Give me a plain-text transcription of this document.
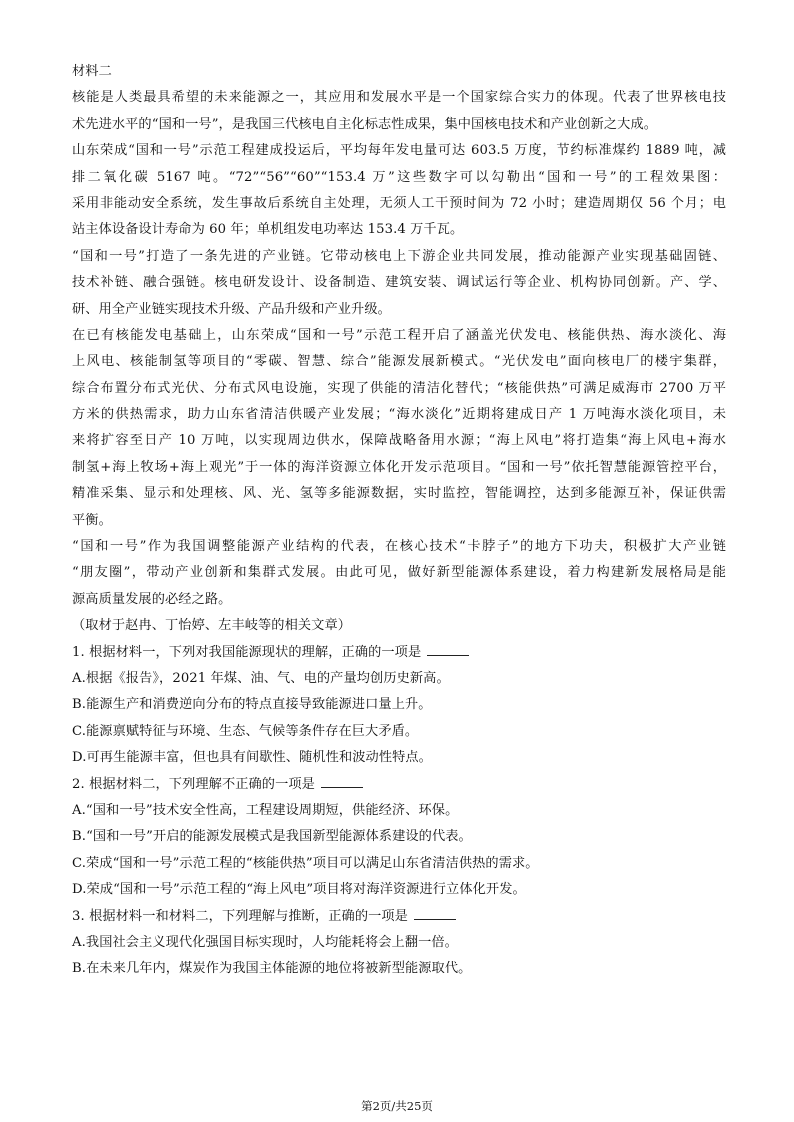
材料二
核能是人类最具希望的未来能源之一，其应用和发展水平是一个国家综合实力的体现。代表了世界核电技
术先进水平的“国和一号”，是我国三代核电自主化标志性成果，集中国核电技术和产业创新之大成。
山东荣成“国和一号”示范工程建成投运后，平均每年发电量可达 603.5 万度，节约标准煤约 1889 吨，减
排二氧化碳 5167 吨。“72”“56”“60”“153.4 万”这些数字可以勾勒出“国和一号”的工程效果图：
采用非能动安全系统，发生事故后系统自主处理，无须人工干预时间为 72 小时；建造周期仅 56 个月；电
站主体设备设计寿命为 60 年；单机组发电功率达 153.4 万千瓦。
“国和一号”打造了一条先进的产业链。它带动核电上下游企业共同发展，推动能源产业实现基础固链、
技术补链、融合强链。核电研发设计、设备制造、建筑安装、调试运行等企业、机构协同创新。产、学、
研、用全产业链实现技术升级、产品升级和产业升级。
在已有核能发电基础上，山东荣成“国和一号”示范工程开启了涵盖光伏发电、核能供热、海水淡化、海
上风电、核能制氢等项目的“零碳、智慧、综合”能源发展新模式。“光伏发电”面向核电厂的楼宇集群，
综合布置分布式光伏、分布式风电设施，实现了供能的清洁化替代；“核能供热”可满足威海市 2700 万平
方米的供热需求，助力山东省清洁供暖产业发展；“海水淡化”近期将建成日产 1 万吨海水淡化项目，未
来将扩容至日产 10 万吨，以实现周边供水，保障战略备用水源；“海上风电”将打造集“海上风电+海水
制氢+海上牧场+海上观光”于一体的海洋资源立体化开发示范项目。“国和一号”依托智慧能源管控平台，
精准采集、显示和处理核、风、光、氢等多能源数据，实时监控，智能调控，达到多能源互补，保证供需
平衡。
“国和一号”作为我国调整能源产业结构的代表，在核心技术“卡脖子”的地方下功夫，积极扩大产业链
“朋友圈”，带动产业创新和集群式发展。由此可见，做好新型能源体系建设，着力构建新发展格局是能
源高质量发展的必经之路。
（取材于赵冉、丁怡婷、左丰岐等的相关文章）
1. 根据材料一，下列对我国能源现状的理解，正确的一项是
A.根据《报告》，2021 年煤、油、气、电的产量均创历史新高。
B.能源生产和消费逆向分布的特点直接导致能源进口量上升。
C.能源禀赋特征与环境、生态、气候等条件存在巨大矛盾。
D.可再生能源丰富，但也具有间歇性、随机性和波动性特点。
2. 根据材料二，下列理解不正确的一项是
A.“国和一号”技术安全性高，工程建设周期短，供能经济、环保。
B.“国和一号”开启的能源发展模式是我国新型能源体系建设的代表。
C.荣成“国和一号”示范工程的“核能供热”项目可以满足山东省清洁供热的需求。
D.荣成“国和一号”示范工程的“海上风电”项目将对海洋资源进行立体化开发。
3. 根据材料一和材料二，下列理解与推断，正确的一项是
A.我国社会主义现代化强国目标实现时，人均能耗将会上翻一倍。
B.在未来几年内，煤炭作为我国主体能源的地位将被新型能源取代。
第2页/共25页
